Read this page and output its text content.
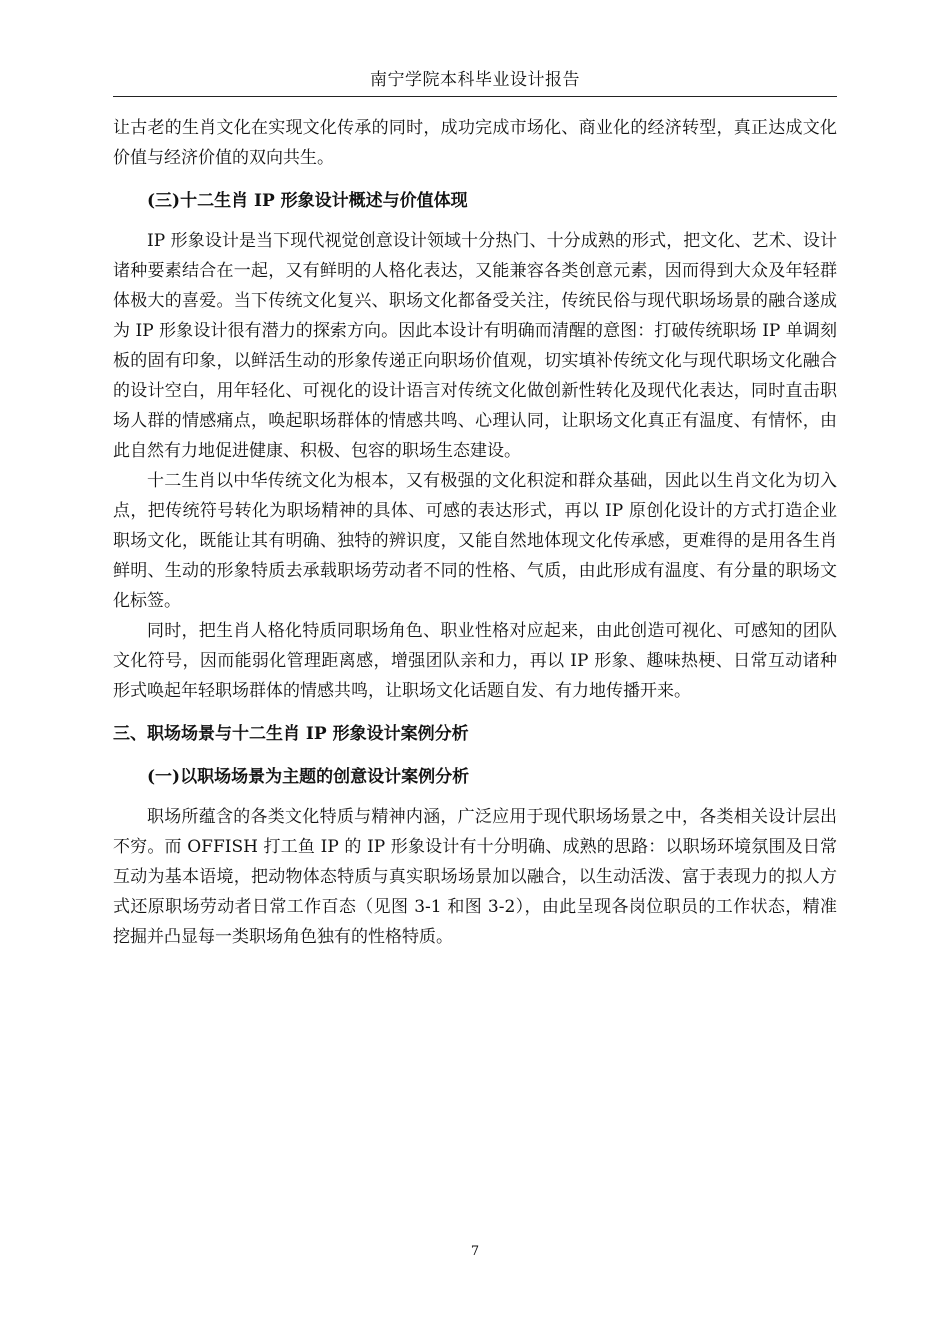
南宁学院本科毕业设计报告

让古老的生肖文化在实现文化传承的同时，成功完成市场化、商业化的经济转型，真正达成文化价值与经济价值的双向共生。

(三)十二生肖 IP 形象设计概述与价值体现

IP 形象设计是当下现代视觉创意设计领域十分热门、十分成熟的形式，把文化、艺术、设计诸种要素结合在一起，又有鲜明的人格化表达，又能兼容各类创意元素，因而得到大众及年轻群体极大的喜爱。当下传统文化复兴、职场文化都备受关注，传统民俗与现代职场场景的融合遂成为 IP 形象设计很有潜力的探索方向。因此本设计有明确而清醒的意图：打破传统职场 IP 单调刻板的固有印象，以鲜活生动的形象传递正向职场价值观，切实填补传统文化与现代职场文化融合的设计空白，用年轻化、可视化的设计语言对传统文化做创新性转化及现代化表达，同时直击职场人群的情感痛点，唤起职场群体的情感共鸣、心理认同，让职场文化真正有温度、有情怀，由此自然有力地促进健康、积极、包容的职场生态建设。

十二生肖以中华传统文化为根本，又有极强的文化积淀和群众基础，因此以生肖文化为切入点，把传统符号转化为职场精神的具体、可感的表达形式，再以 IP 原创化设计的方式打造企业职场文化，既能让其有明确、独特的辨识度，又能自然地体现文化传承感，更难得的是用各生肖鲜明、生动的形象特质去承载职场劳动者不同的性格、气质，由此形成有温度、有分量的职场文化标签。

同时，把生肖人格化特质同职场角色、职业性格对应起来，由此创造可视化、可感知的团队文化符号，因而能弱化管理距离感，增强团队亲和力，再以 IP 形象、趣味热梗、日常互动诸种形式唤起年轻职场群体的情感共鸣，让职场文化话题自发、有力地传播开来。

三、职场场景与十二生肖 IP 形象设计案例分析
(一)以职场场景为主题的创意设计案例分析

职场所蕴含的各类文化特质与精神内涵，广泛应用于现代职场场景之中，各类相关设计层出不穷。而 OFFISH 打工鱼 IP 的 IP 形象设计有十分明确、成熟的思路：以职场环境氛围及日常互动为基本语境，把动物体态特质与真实职场场景加以融合，以生动活泼、富于表现力的拟人方式还原职场劳动者日常工作百态（见图 3-1 和图 3-2），由此呈现各岗位职员的工作状态，精准挖掘并凸显每一类职场角色独有的性格特质。

7
